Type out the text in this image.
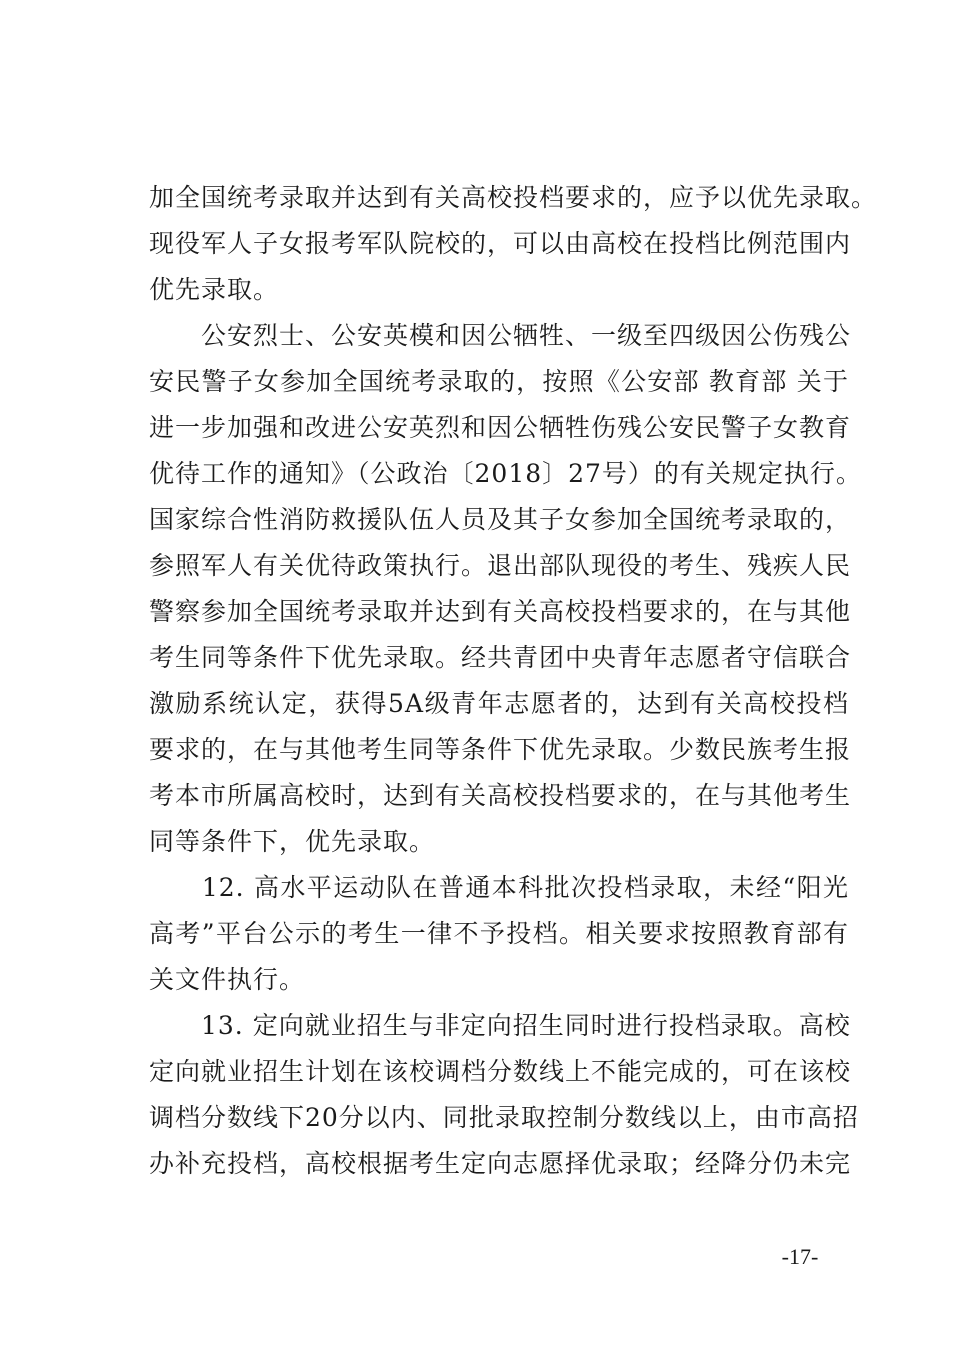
加全国统考录取并达到有关高校投档要求的，应予以优先录取。
现役军人子女报考军队院校的，可以由高校在投档比例范围内
优先录取。
　　公安烈士、公安英模和因公牺牲、一级至四级因公伤残公
安民警子女参加全国统考录取的，按照《公安部 教育部 关于
进一步加强和改进公安英烈和因公牺牲伤残公安民警子女教育
优待工作的通知》（公政治〔2018〕27号）的有关规定执行。
国家综合性消防救援队伍人员及其子女参加全国统考录取的，
参照军人有关优待政策执行。退出部队现役的考生、残疾人民
警察参加全国统考录取并达到有关高校投档要求的，在与其他
考生同等条件下优先录取。经共青团中央青年志愿者守信联合
激励系统认定，获得5A级青年志愿者的，达到有关高校投档
要求的，在与其他考生同等条件下优先录取。少数民族考生报
考本市所属高校时，达到有关高校投档要求的，在与其他考生
同等条件下，优先录取。
　　12. 高水平运动队在普通本科批次投档录取，未经“阳光
高考”平台公示的考生一律不予投档。相关要求按照教育部有
关文件执行。
　　13. 定向就业招生与非定向招生同时进行投档录取。高校
定向就业招生计划在该校调档分数线上不能完成的，可在该校
调档分数线下20分以内、同批录取控制分数线以上，由市高招
办补充投档，高校根据考生定向志愿择优录取；经降分仍未完
-17-
